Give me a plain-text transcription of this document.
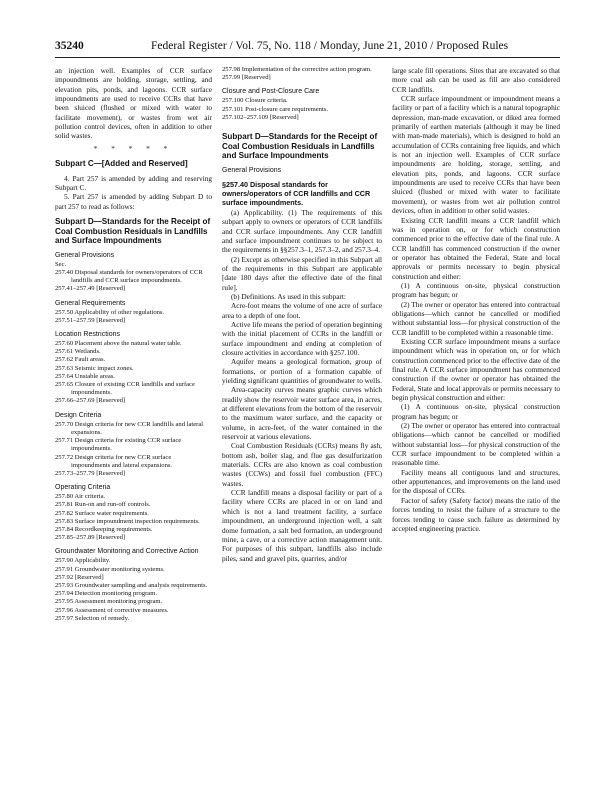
35240	Federal Register / Vol. 75, No. 118 / Monday, June 21, 2010 / Proposed Rules

an injection well. Examples of CCR surface impoundments are holding, storage, settling, and elevation pits, ponds, and lagoons. CCR surface impoundments are used to receive CCRs that have been sluiced (flushed or mixed with water to facilitate movement), or wastes from wet air pollution control devices, often in addition to other solid wastes.

* * * * *

Subpart C—[Added and Reserved]

4. Part 257 is amended by adding and reserving Subpart C.

5. Part 257 is amended by adding Subpart D to part 257 to read as follows:

Subpart D—Standards for the Receipt of Coal Combustion Residuals in Landfills and Surface Impoundments
General Provisions
Sec.
257.40 Disposal standards for owners/operators of CCR landfills and CCR surface impoundments.
257.41–257.49 [Reserved]
General Requirements
257.50 Applicability of other regulations.
257.51–257.59 [Reserved]
Location Restrictions
257.60 Placement above the natural water table.
257.61 Wetlands.
257.62 Fault areas.
257.63 Seismic impact zones.
257.64 Unstable areas.
257.65 Closure of existing CCR landfills and surface impoundments.
257.66–257.69 [Reserved]
Design Criteria
257.70 Design criteria for new CCR landfills and lateral expansions.
257.71 Design criteria for existing CCR surface impoundments.
257.72 Design criteria for new CCR surface impoundments and lateral expansions.
257.73–257.79 [Reserved]
Operating Criteria
257.80 Air criteria.
257.81 Run-on and run-off controls.
257.82 Surface water requirements.
257.83 Surface impoundment inspection requirements.
257.84 Recordkeeping requirements.
257.85–257.89 [Reserved]
Groundwater Monitoring and Corrective Action
257.90 Applicability.
257.91 Groundwater monitoring systems.
257.92 [Reserved]
257.93 Groundwater sampling and analysis requirements.
257.94 Detection monitoring program.
257.95 Assessment monitoring program.
257.96 Assessment of corrective measures.
257.97 Selection of remedy.
257.98 Implementation of the corrective action program.
257.99 [Reserved]
Closure and Post-Closure Care
257.100 Closure criteria.
257.101 Post-closure care requirements.
257.102–257.109 [Reserved]
Subpart D—Standards for the Receipt of Coal Combustion Residuals in Landfills and Surface Impoundments
General Provisions

§257.40 Disposal standards for owners/operators of CCR landfills and CCR surface impoundments.

(a) Applicability. (1) The requirements of this subpart apply to owners or operators of CCR landfills and CCR surface impoundments. Any CCR landfill and surface impoundment continues to be subject to the requirements in §§257.3–1, 257.3–2, and 257.3–4.

(2) Except as otherwise specified in this Subpart all of the requirements in this Subpart are applicable [date 180 days after the effective date of the final rule].

(b) Definitions. As used in this subpart:

Acre-foot means the volume of one acre of surface area to a depth of one foot.

Active life means the period of operation beginning with the initial placement of CCRs in the landfill or surface impoundment and ending at completion of closure activities in accordance with §257.100.

Aquifer means a geological formation, group of formations, or portion of a formation capable of yielding significant quantities of groundwater to wells.

Area-capacity curves means graphic curves which readily show the reservoir water surface area, in acres, at different elevations from the bottom of the reservoir to the maximum water surface, and the capacity or volume, in acre-feet, of the water contained in the reservoir at various elevations.

Coal Combustion Residuals (CCRs) means fly ash, bottom ash, boiler slag, and flue gas desulfurization materials. CCRs are also known as coal combustion wastes (CCWs) and fossil fuel combustion (FFC) wastes.

CCR landfill means a disposal facility or part of a facility where CCRs are placed in or on land and which is not a land treatment facility, a surface impoundment, an underground injection well, a salt dome formation, a salt bed formation, an underground mine, a cave, or a corrective action management unit. For purposes of this subpart, landfills also include piles, sand and gravel pits, quarries, and/or

large scale fill operations. Sites that are excavated so that more coal ash can be used as fill are also considered CCR landfills.

CCR surface impoundment or impoundment means a facility or part of a facility which is a natural topographic depression, man-made excavation, or diked area formed primarily of earthen materials (although it may be lined with man-made materials), which is designed to hold an accumulation of CCRs containing free liquids, and which is not an injection well. Examples of CCR surface impoundments are holding, storage, settling, and elevation pits, ponds, and lagoons. CCR surface impoundments are used to receive CCRs that have been sluiced (flushed or mixed with water to facilitate movement), or wastes from wet air pollution control devices, often in addition to other solid wastes.

Existing CCR landfill means a CCR landfill which was in operation on, or for which construction commenced prior to the effective date of the final rule. A CCR landfill has commenced construction if the owner or operator has obtained the Federal, State and local approvals or permits necessary to begin physical construction and either:

(1) A continuous on-site, physical construction program has begun; or

(2) The owner or operator has entered into contractual obligations—which cannot be cancelled or modified without substantial loss—for physical construction of the CCR landfill to be completed within a reasonable time.

Existing CCR surface impoundment means a surface impoundment which was in operation on, or for which construction commenced prior to the effective date of the final rule. A CCR surface impoundment has commenced construction if the owner or operator has obtained the Federal, State and local approvals or permits necessary to begin physical construction and either:

(1) A continuous on-site, physical construction program has begun; or

(2) The owner or operator has entered into contractual obligations—which cannot be cancelled or modified without substantial loss—for physical construction of the CCR surface impoundment to be completed within a reasonable time.

Facility means all contiguous land and structures, other appurtenances, and improvements on the land used for the disposal of CCRs.

Factor of safety (Safety factor) means the ratio of the forces tending to resist the failure of a structure to the forces tending to cause such failure as determined by accepted engineering practice.
